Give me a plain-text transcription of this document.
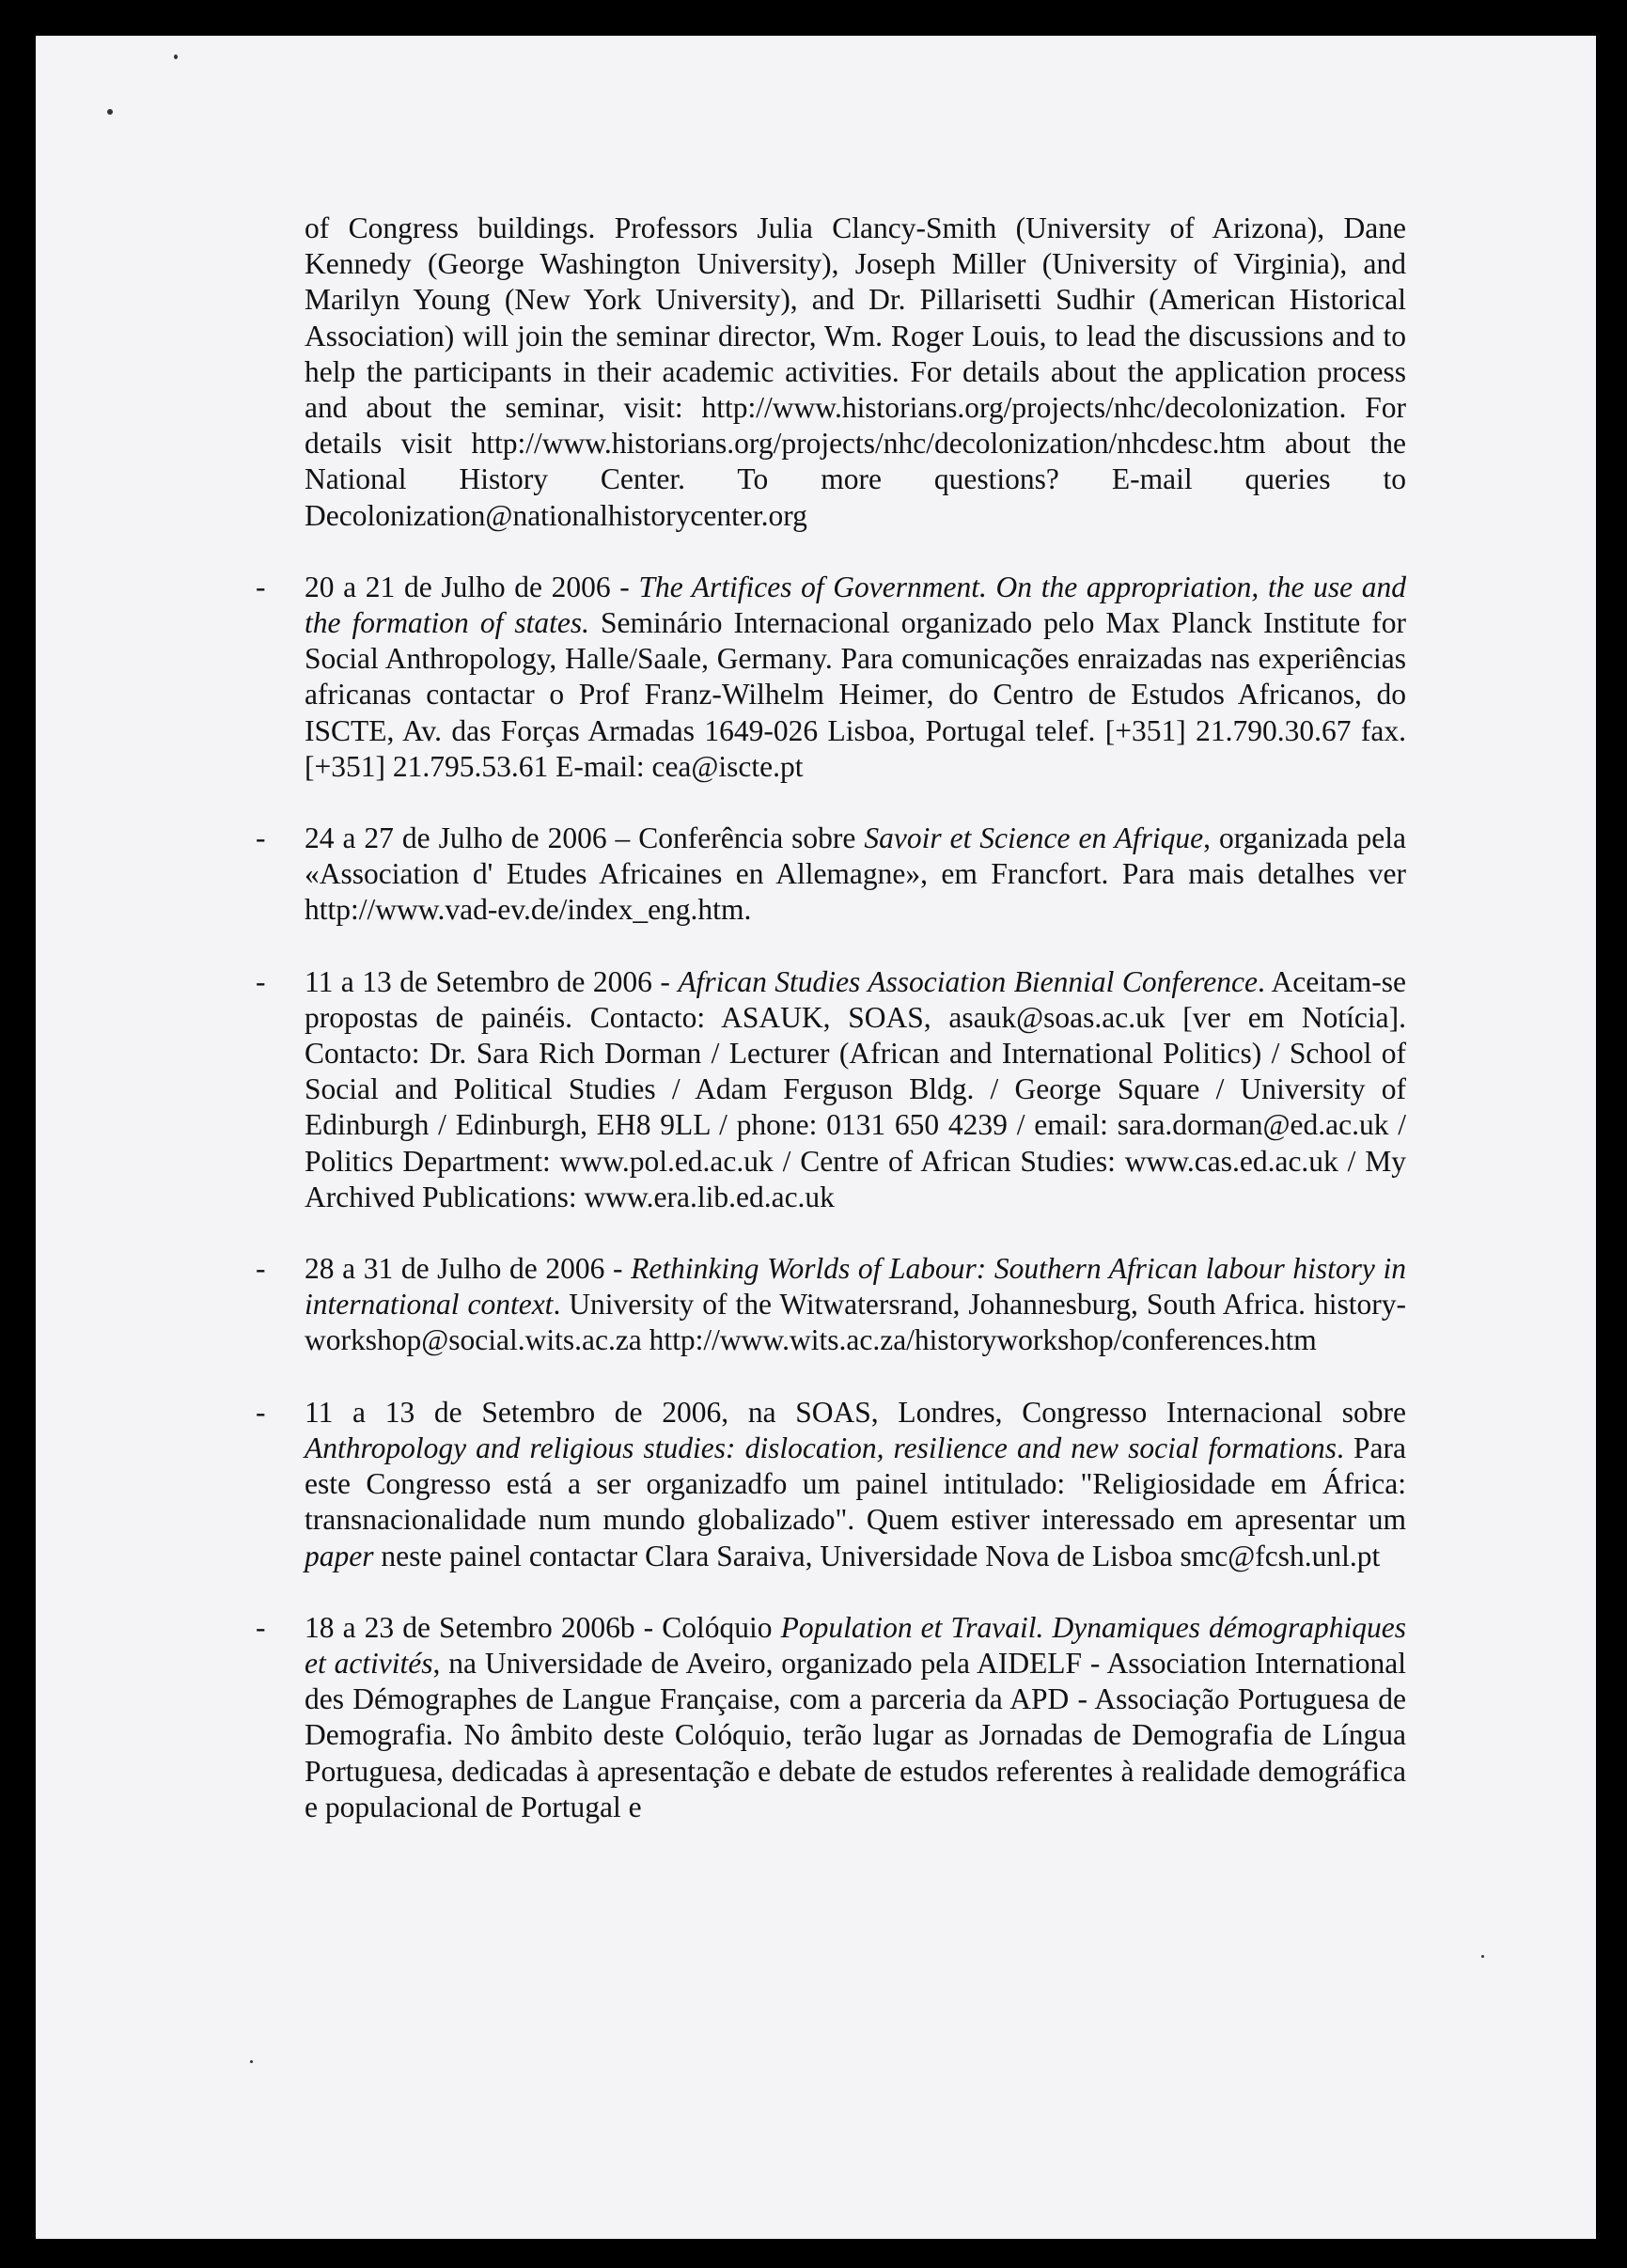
of Congress buildings. Professors Julia Clancy-Smith (University of Arizona), Dane Kennedy (George Washington University), Joseph Miller (University of Virginia), and Marilyn Young (New York University), and Dr. Pillarisetti Sudhir (American Historical Association) will join the seminar director, Wm. Roger Louis, to lead the discussions and to help the participants in their academic activities. For details about the application process and about the seminar, visit: http://www.historians.org/projects/nhc/decolonization. For details visit http://www.historians.org/projects/nhc/decolonization/nhcdesc.htm about the National History Center. To more questions? E-mail queries to Decolonization@nationalhistorycenter.org

- 20 a 21 de Julho de 2006 - The Artifices of Government. On the appropriation, the use and the formation of states. Seminário Internacional organizado pelo Max Planck Institute for Social Anthropology, Halle/Saale, Germany. Para comunicações enraizadas nas experiências africanas contactar o Prof Franz-Wilhelm Heimer, do Centro de Estudos Africanos, do ISCTE, Av. das Forças Armadas 1649-026 Lisboa, Portugal telef. [+351] 21.790.30.67 fax.[+351] 21.795.53.61 E-mail: cea@iscte.pt

- 24 a 27 de Julho de 2006 – Conferência sobre Savoir et Science en Afrique, organizada pela «Association d' Etudes Africaines en Allemagne», em Francfort. Para mais detalhes ver http://www.vad-ev.de/index_eng.htm.

- 11 a 13 de Setembro de 2006 - African Studies Association Biennial Conference. Aceitam-se propostas de painéis. Contacto: ASAUK, SOAS, asauk@soas.ac.uk [ver em Notícia]. Contacto: Dr. Sara Rich Dorman / Lecturer (African and International Politics) / School of Social and Political Studies / Adam Ferguson Bldg. / George Square / University of Edinburgh / Edinburgh, EH8 9LL / phone: 0131 650 4239 / email: sara.dorman@ed.ac.uk / Politics Department: www.pol.ed.ac.uk / Centre of African Studies: www.cas.ed.ac.uk / My Archived Publications: www.era.lib.ed.ac.uk

- 28 a 31 de Julho de 2006 - Rethinking Worlds of Labour: Southern African labour history in international context. University of the Witwatersrand, Johannesburg, South Africa. history-workshop@social.wits.ac.za http://www.wits.ac.za/historyworkshop/conferences.htm

- 11 a 13 de Setembro de 2006, na SOAS, Londres, Congresso Internacional sobre Anthropology and religious studies: dislocation, resilience and new social formations. Para este Congresso está a ser organizadfo um painel intitulado: "Religiosidade em África: transnacionalidade num mundo globalizado". Quem estiver interessado em apresentar um paper neste painel contactar Clara Saraiva, Universidade Nova de Lisboa smc@fcsh.unl.pt

- 18 a 23 de Setembro 2006b - Colóquio Population et Travail. Dynamiques démographiques et activités, na Universidade de Aveiro, organizado pela AIDELF - Association International des Démographes de Langue Française, com a parceria da APD - Associação Portuguesa de Demografia. No âmbito deste Colóquio, terão lugar as Jornadas de Demografia de Língua Portuguesa, dedicadas à apresentação e debate de estudos referentes à realidade demográfica e populacional de Portugal e
